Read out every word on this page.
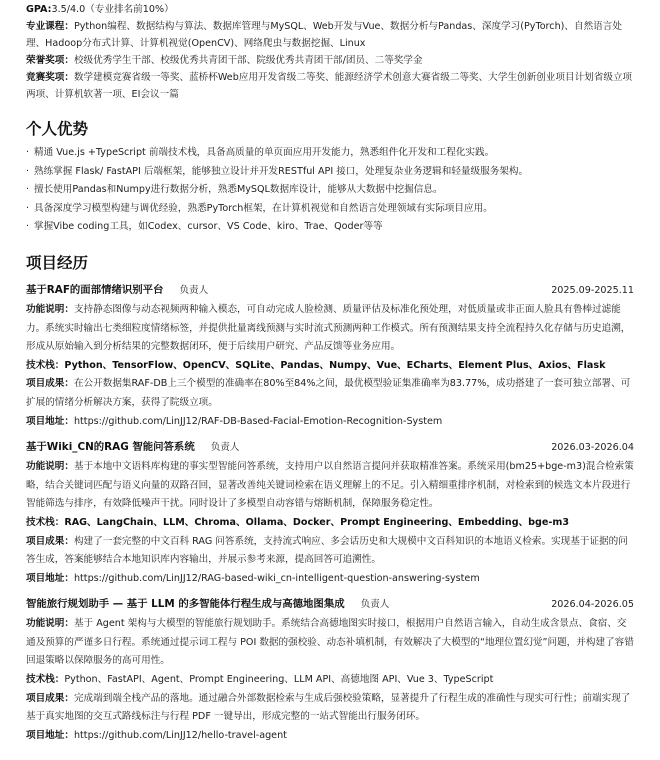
GPA:3.5/4.0（专业排名前10%）
专业课程：Python编程、数据结构与算法、数据库管理与MySQL、Web开发与Vue、数据分析与Pandas、深度学习(PyTorch)、自然语言处理、Hadoop分布式计算、计算机视觉(OpenCV)、网络爬虫与数据挖掘、Linux
荣誉奖项：校级优秀学生干部、校级优秀共青团干部、院级优秀共青团干部/团员、二等奖学金
竞赛奖项：数学建模竞赛省级一等奖、蓝桥杯Web应用开发省级二等奖、能源经济学术创意大赛省级二等奖、大学生创新创业项目计划省级立项两项、计算机软著一项、EI会议一篇
个人优势
· 精通 Vue.js +TypeScript 前端技术栈，具备高质量的单页面应用开发能力，熟悉组件化开发和工程化实践。
· 熟练掌握 Flask/ FastAPI 后端框架，能够独立设计并开发RESTful API 接口，处理复杂业务逻辑和轻量级服务架构。
· 擅长使用Pandas和Numpy进行数据分析，熟悉MySQL数据库设计，能够从大数据中挖掘信息。
· 具备深度学习模型构建与调优经验，熟悉PyTorch框架，在计算机视觉和自然语言处理领域有实际项目应用。
· 掌握Vibe coding工具，如Codex、cursor、VS Code、kiro、Trae、Qoder等等
项目经历
基于RAF的面部情绪识别平台 负责人	2025.09-2025.11
功能说明：支持静态图像与动态视频两种输入模态，可自动完成人脸检测、质量评估及标准化预处理，对低质量或非正面人脸具有鲁棒过滤能力。系统实时输出七类细粒度情绪标签，并提供批量离线预测与实时流式预测两种工作模式。所有预测结果支持全流程持久化存储与历史追溯，形成从原始输入到分析结果的完整数据闭环，便于后续用户研究、产品反馈等业务应用。
技术栈：Python、TensorFlow、OpenCV、SQLite、Pandas、Numpy、Vue、ECharts、Element Plus、Axios、Flask
项目成果：在公开数据集RAF-DB上三个模型的准确率在80%至84%之间，最优模型验证集准确率为83.77%，成功搭建了一套可独立部署、可扩展的情绪分析解决方案，获得了院级立项。
项目地址：https://github.com/LinJJ12/RAF-DB-Based-Facial-Emotion-Recognition-System
基于Wiki_CN的RAG 智能问答系统 负责人	2026.03-2026.04
功能说明：基于本地中文语料库构建的事实型智能问答系统，支持用户以自然语言提问并获取精准答案。系统采用(bm25+bge-m3)混合检索策略，结合关键词匹配与语义向量的双路召回，显著改善纯关键词检索在语义理解上的不足。引入精细重排序机制，对检索到的候选文本片段进行智能筛选与排序，有效降低噪声干扰。同时设计了多模型自动容错与熔断机制，保障服务稳定性。
技术栈：RAG、LangChain、LLM、Chroma、Ollama、Docker、Prompt Engineering、Embedding、bge-m3
项目成果：构建了一套完整的中文百科 RAG 问答系统，支持流式响应、多会话历史和大规模中文百科知识的本地语义检索。实现基于证据的问答生成，答案能够结合本地知识库内容输出，并展示参考来源，提高回答可追溯性。
项目地址：https://github.com/LinJJ12/RAG-based-wiki_cn-intelligent-question-answering-system
智能旅行规划助手 — 基于 LLM 的多智能体行程生成与高德地图集成 负责人	2026.04-2026.05
功能说明：基于 Agent 架构与大模型的智能旅行规划助手。系统结合高德地图实时接口，根据用户自然语言输入，自动生成含景点、食宿、交通及预算的严谨多日行程。系统通过提示词工程与 POI 数据的强校验、动态补填机制，有效解决了大模型的“地理位置幻觉”问题，并构建了容错回退策略以保障服务的高可用性。
技术栈：Python、FastAPI、Agent、Prompt Engineering、LLM API、高德地图 API、Vue 3、TypeScript
项目成果：完成端到端全栈产品的落地。通过融合外部数据检索与生成后强校验策略，显著提升了行程生成的准确性与现实可行性；前端实现了基于真实地图的交互式路线标注与行程 PDF 一键导出，形成完整的一站式智能出行服务闭环。
项目地址：https://github.com/LinJJ12/hello-travel-agent
